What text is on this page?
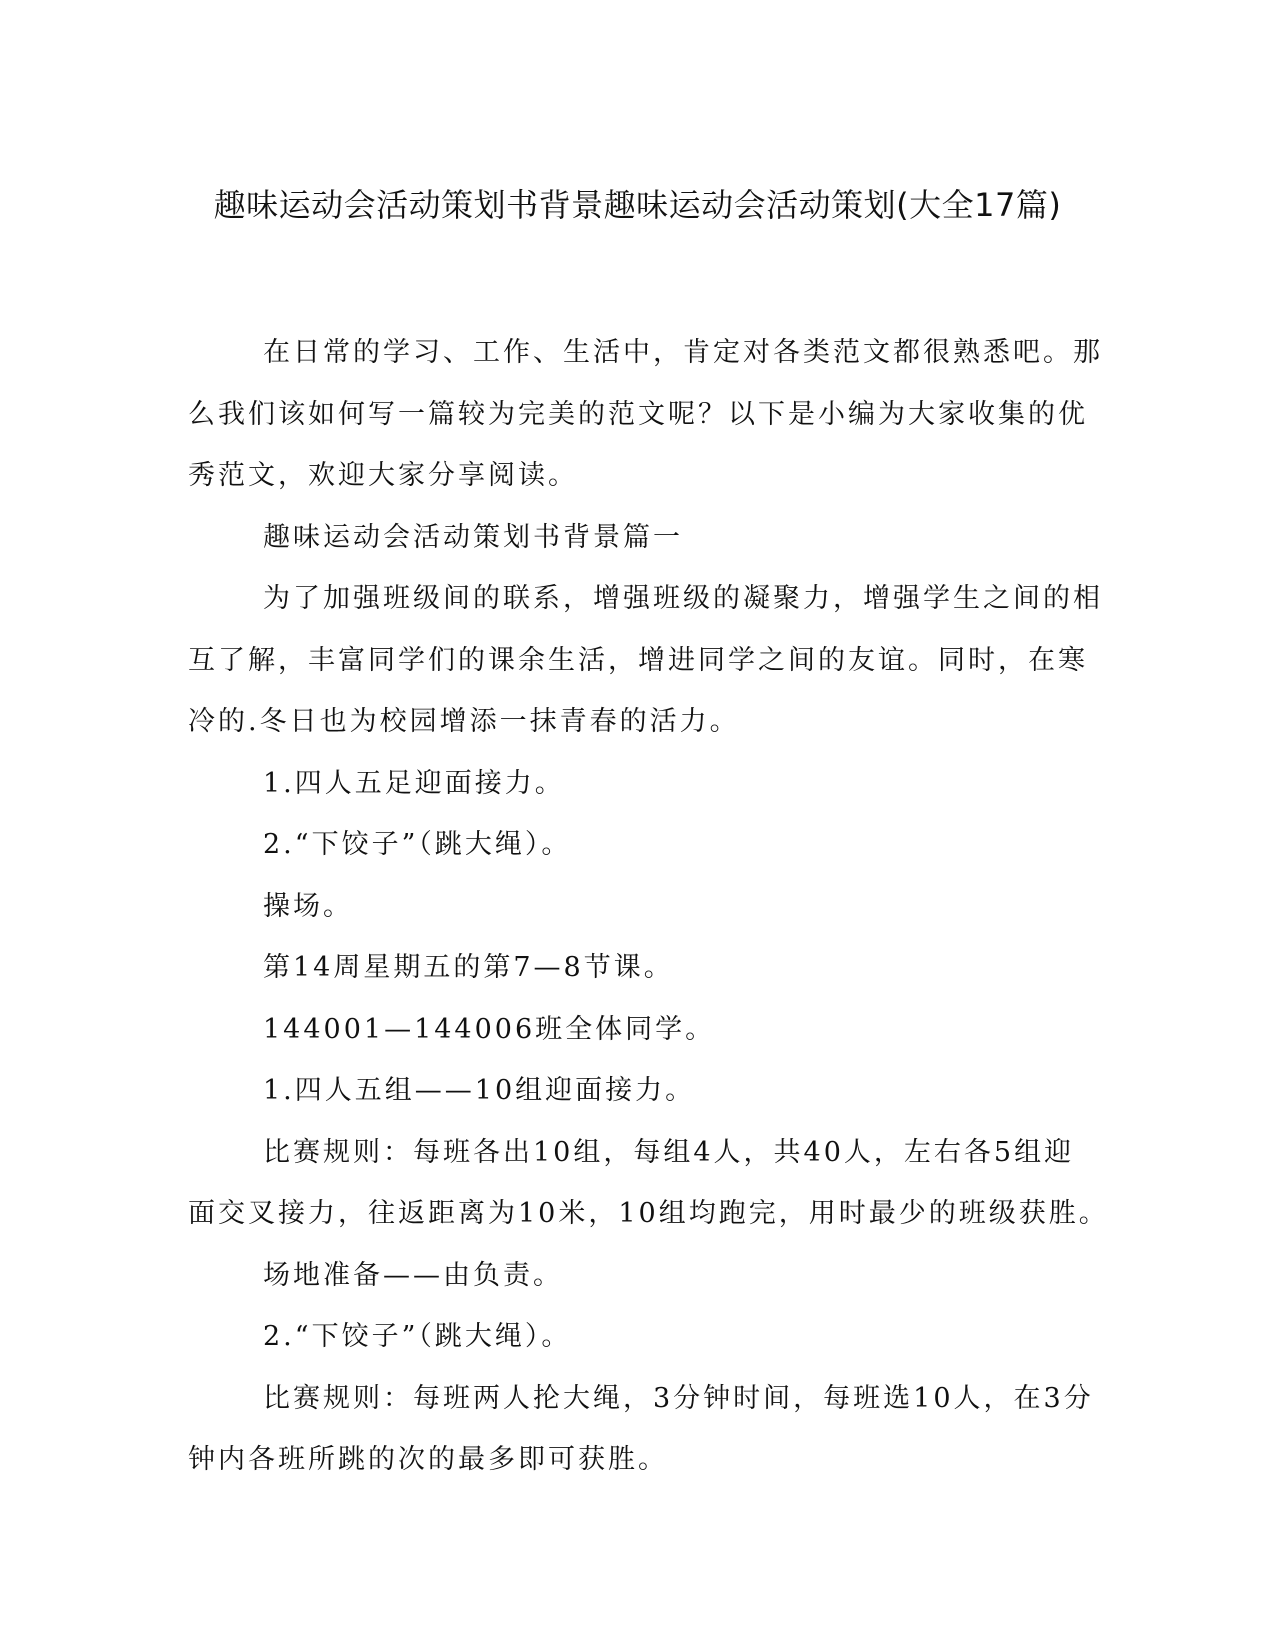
趣味运动会活动策划书背景趣味运动会活动策划(大全17篇)

在日常的学习、工作、生活中，肯定对各类范文都很熟悉吧。那
么我们该如何写一篇较为完美的范文呢？以下是小编为大家收集的优
秀范文，欢迎大家分享阅读。

趣味运动会活动策划书背景篇一

为了加强班级间的联系，增强班级的凝聚力，增强学生之间的相
互了解，丰富同学们的课余生活，增进同学之间的友谊。同时，在寒
冷的.冬日也为校园增添一抹青春的活力。

1.四人五足迎面接力。

2.“下饺子”（跳大绳）。

操场。

第14周星期五的第7—8节课。

144001—144006班全体同学。

1.四人五组——10组迎面接力。

比赛规则：每班各出10组，每组4人，共40人，左右各5组迎
面交叉接力，往返距离为10米，10组均跑完，用时最少的班级获胜。

场地准备——由负责。

2.“下饺子”（跳大绳）。

比赛规则：每班两人抡大绳，3分钟时间，每班选10人，在3分
钟内各班所跳的次的最多即可获胜。
